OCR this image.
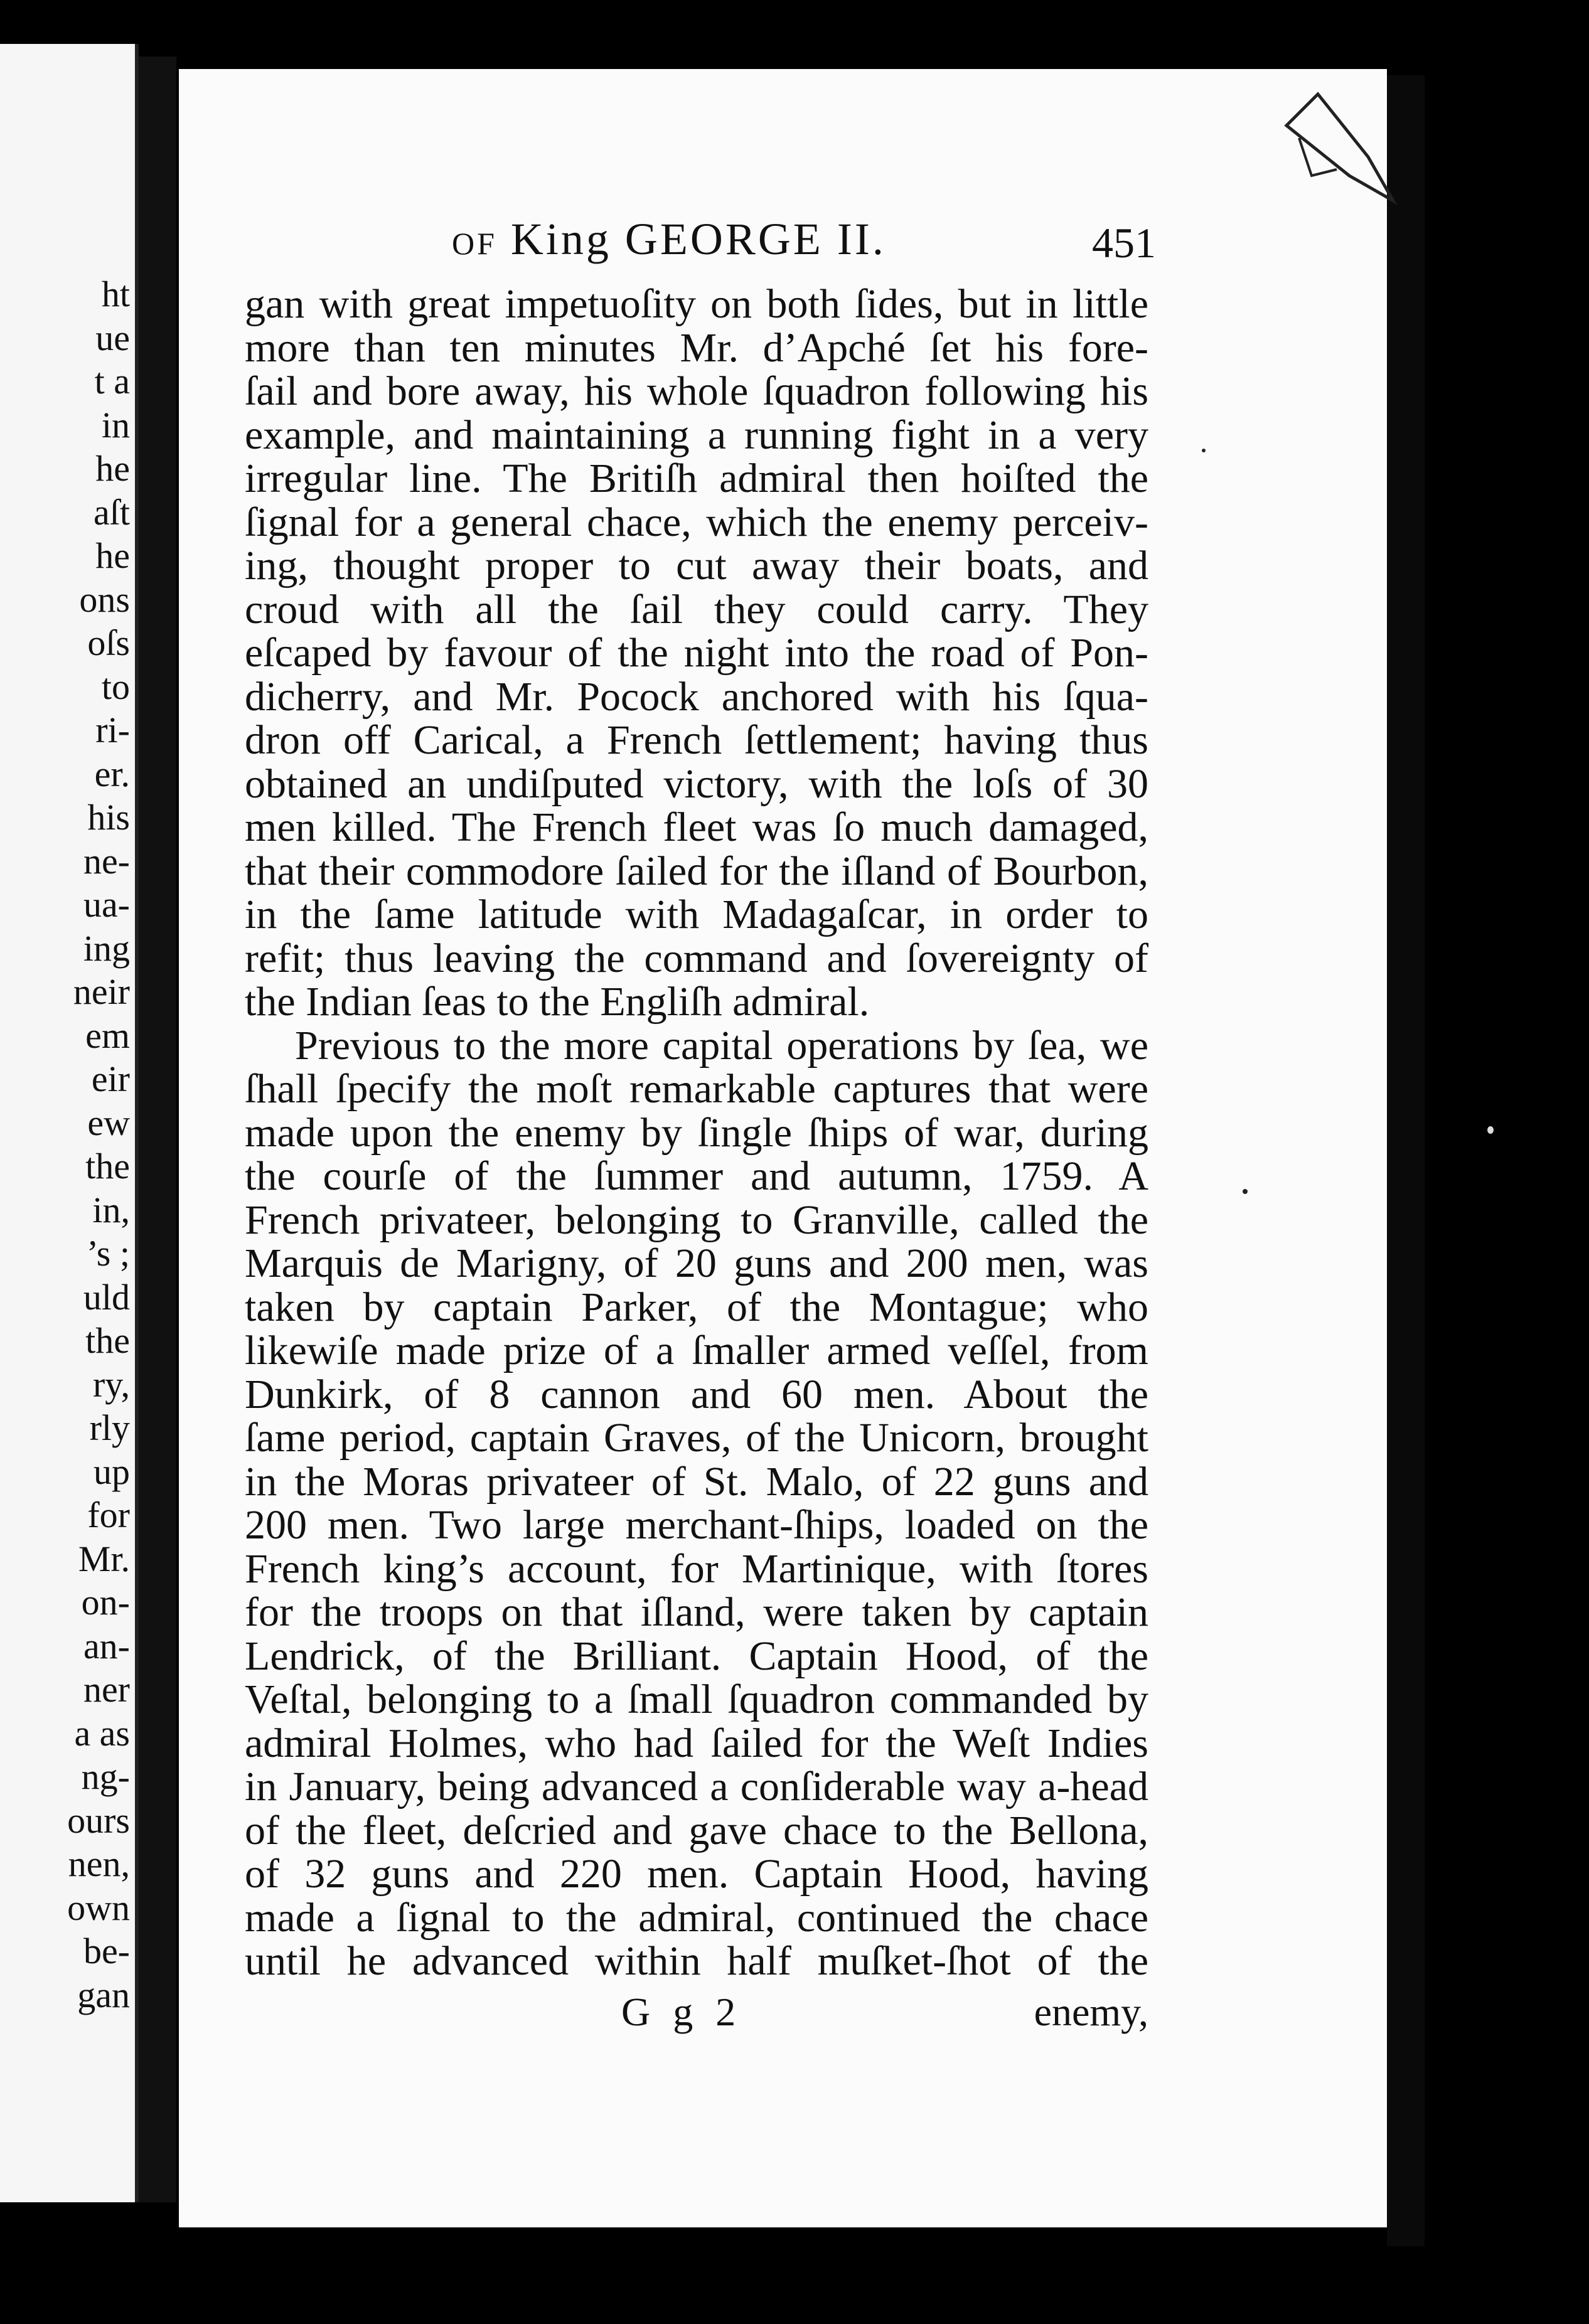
ht
ue
t a
in
he
aſt
he
ons
oſs
to
ri-
er.
his
ne-
ua-
ing
neir
em
eir
ew
the
in,
’s ;
uld
the
ry,
rly
up
for
Mr.
on-
an-
ner
a as
ng-
ours
nen,
own
be-
gan
OF King GEORGE II.	451
gan with great impetuoſity on both ſides, but in little
more than ten minutes Mr. d’Apché ſet his fore-
ſail and bore away, his whole ſquadron following his
example, and maintaining a running fight in a very
irregular line. The Britiſh admiral then hoiſted the
ſignal for a general chace, which the enemy perceiv-
ing, thought proper to cut away their boats, and
croud with all the ſail they could carry. They
eſcaped by favour of the night into the road of Pon-
dicherry, and Mr. Pocock anchored with his ſqua-
dron off Carical, a French ſettlement; having thus
obtained an undiſputed victory, with the loſs of 30
men killed. The French fleet was ſo much damaged,
that their commodore ſailed for the iſland of Bourbon,
in the ſame latitude with Madagaſcar, in order to
refit; thus leaving the command and ſovereignty of
the Indian ſeas to the Engliſh admiral.
Previous to the more capital operations by ſea, we
ſhall ſpecify the moſt remarkable captures that were
made upon the enemy by ſingle ſhips of war, during
the courſe of the ſummer and autumn, 1759. A
French privateer, belonging to Granville, called the
Marquis de Marigny, of 20 guns and 200 men, was
taken by captain Parker, of the Montague; who
likewiſe made prize of a ſmaller armed veſſel, from
Dunkirk, of 8 cannon and 60 men. About the
ſame period, captain Graves, of the Unicorn, brought
in the Moras privateer of St. Malo, of 22 guns and
200 men. Two large merchant-ſhips, loaded on the
French king’s account, for Martinique, with ſtores
for the troops on that iſland, were taken by captain
Lendrick, of the Brilliant. Captain Hood, of the
Veſtal, belonging to a ſmall ſquadron commanded by
admiral Holmes, who had ſailed for the Weſt Indies
in January, being advanced a conſiderable way a-head
of the fleet, deſcried and gave chace to the Bellona,
of 32 guns and 220 men. Captain Hood, having
made a ſignal to the admiral, continued the chace
until he advanced within half muſket-ſhot of the
G g 2	enemy,
